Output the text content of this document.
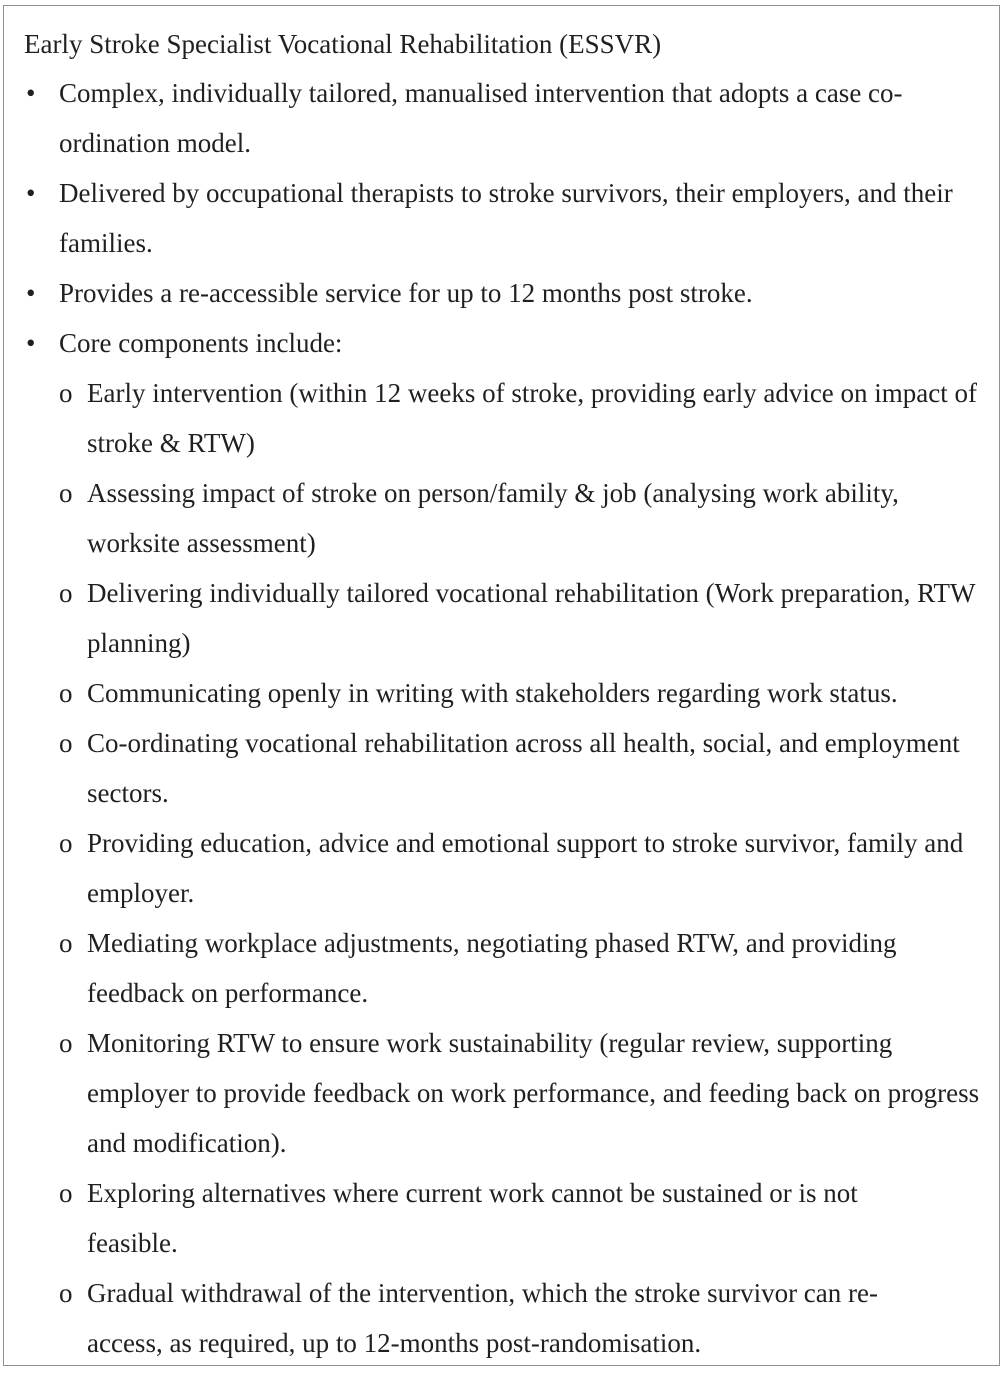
Early Stroke Specialist Vocational Rehabilitation (ESSVR)
• Complex, individually tailored, manualised intervention that adopts a case co-ordination model.
• Delivered by occupational therapists to stroke survivors, their employers, and their families.
• Provides a re-accessible service for up to 12 months post stroke.
• Core components include:
o Early intervention (within 12 weeks of stroke, providing early advice on impact of stroke & RTW)
o Assessing impact of stroke on person/family & job (analysing work ability, worksite assessment)
o Delivering individually tailored vocational rehabilitation (Work preparation, RTW planning)
o Communicating openly in writing with stakeholders regarding work status.
o Co-ordinating vocational rehabilitation across all health, social, and employment sectors.
o Providing education, advice and emotional support to stroke survivor, family and employer.
o Mediating workplace adjustments, negotiating phased RTW, and providing feedback on performance.
o Monitoring RTW to ensure work sustainability (regular review, supporting employer to provide feedback on work performance, and feeding back on progress and modification).
o Exploring alternatives where current work cannot be sustained or is not feasible.
o Gradual withdrawal of the intervention, which the stroke survivor can re-access, as required, up to 12-months post-randomisation.
